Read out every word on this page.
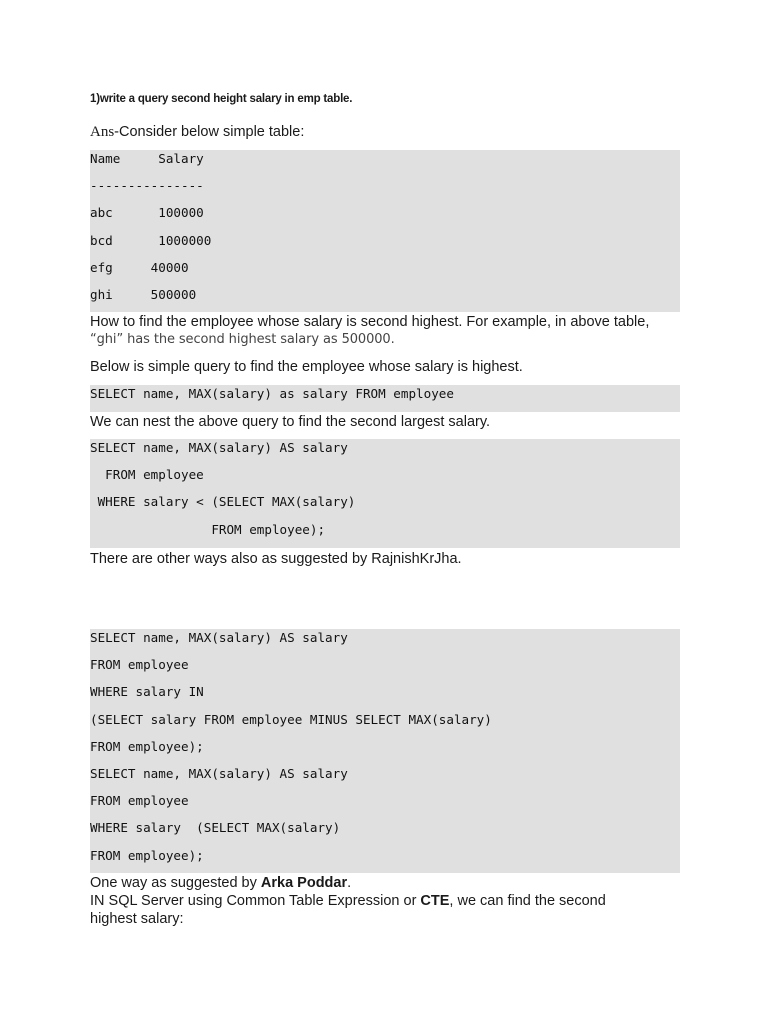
1)write a query second height salary in emp table.
Ans-Consider below simple table:
Name     Salary
---------------
abc      100000
bcd      1000000
efg     40000
ghi     500000
How to find the employee whose salary is second highest. For example, in above table,
“ghi” has the second highest salary as 500000.
Below is simple query to find the employee whose salary is highest.
SELECT name, MAX(salary) as salary FROM employee
We can nest the above query to find the second largest salary.
SELECT name, MAX(salary) AS salary
FROM employee
WHERE salary < (SELECT MAX(salary)
FROM employee);
There are other ways also as suggested by RajnishKrJha.
SELECT name, MAX(salary) AS salary
FROM employee
WHERE salary IN
(SELECT salary FROM employee MINUS SELECT MAX(salary)
FROM employee);
SELECT name, MAX(salary) AS salary
FROM employee
WHERE salary  (SELECT MAX(salary)
FROM employee);
One way as suggested by Arka Poddar.
IN SQL Server using Common Table Expression or CTE, we can find the second
highest salary:
